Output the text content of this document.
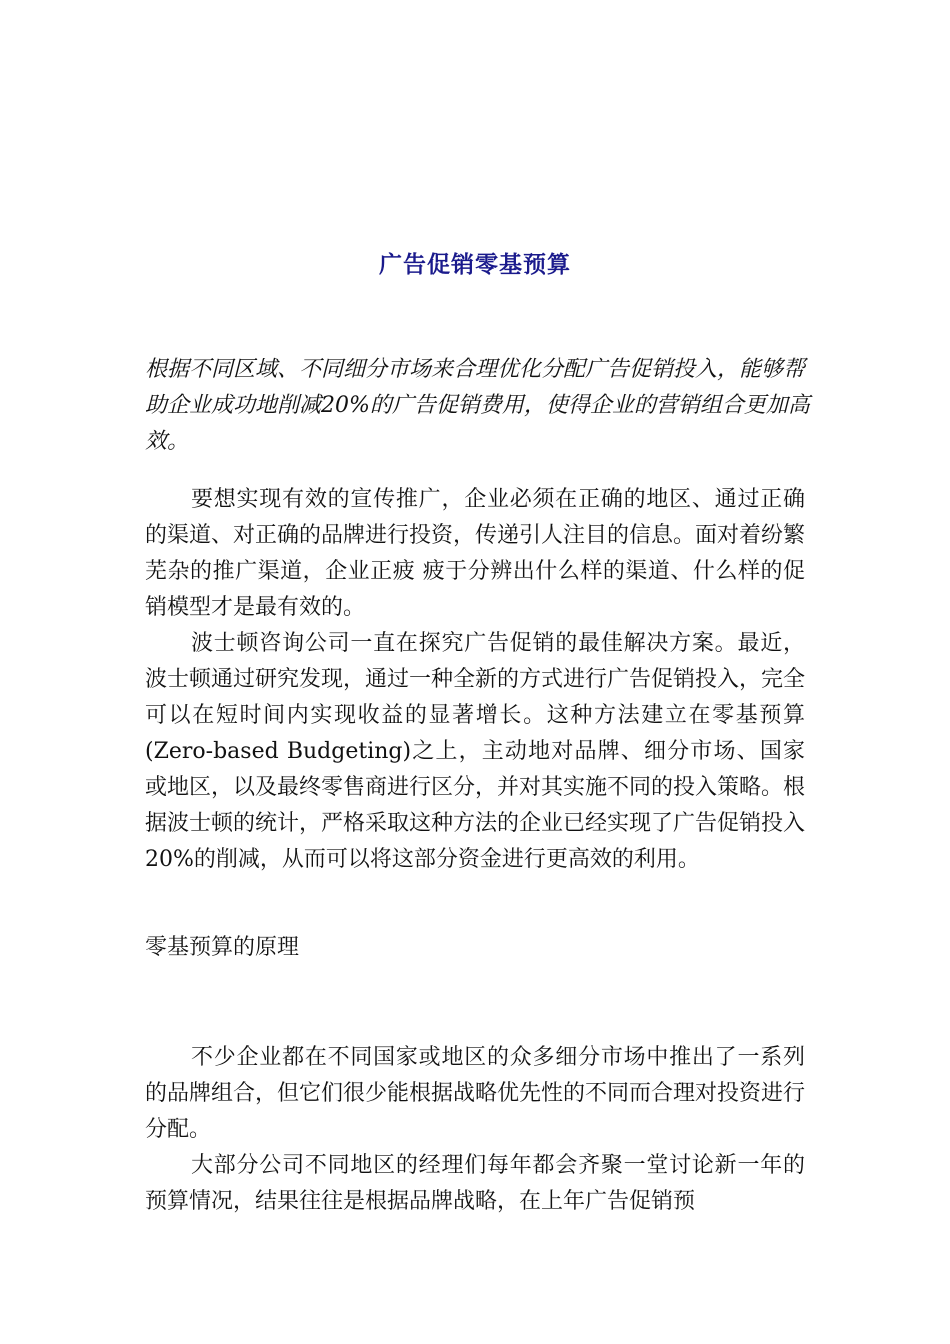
广告促销零基预算

根据不同区域、不同细分市场来合理优化分配广告促销投入，能够帮助企业成功地削减20%的广告促销费用，使得企业的营销组合更加高效。

要想实现有效的宣传推广，企业必须在正确的地区、通过正确的渠道、对正确的品牌进行投资，传递引人注目的信息。面对着纷繁芜杂的推广渠道，企业正疲 疲于分辨出什么样的渠道、什么样的促销模型才是最有效的。

波士顿咨询公司一直在探究广告促销的最佳解决方案。最近，波士顿通过研究发现，通过一种全新的方式进行广告促销投入，完全可以在短时间内实现收益的显著增长。这种方法建立在零基预算(Zero-based Budgeting)之上，主动地对品牌、细分市场、国家或地区，以及最终零售商进行区分，并对其实施不同的投入策略。根据波士顿的统计，严格采取这种方法的企业已经实现了广告促销投入20%的削减，从而可以将这部分资金进行更高效的利用。

零基预算的原理

不少企业都在不同国家或地区的众多细分市场中推出了一系列的品牌组合，但它们很少能根据战略优先性的不同而合理对投资进行分配。

大部分公司不同地区的经理们每年都会齐聚一堂讨论新一年的预算情况，结果往往是根据品牌战略，在上年广告促销预
